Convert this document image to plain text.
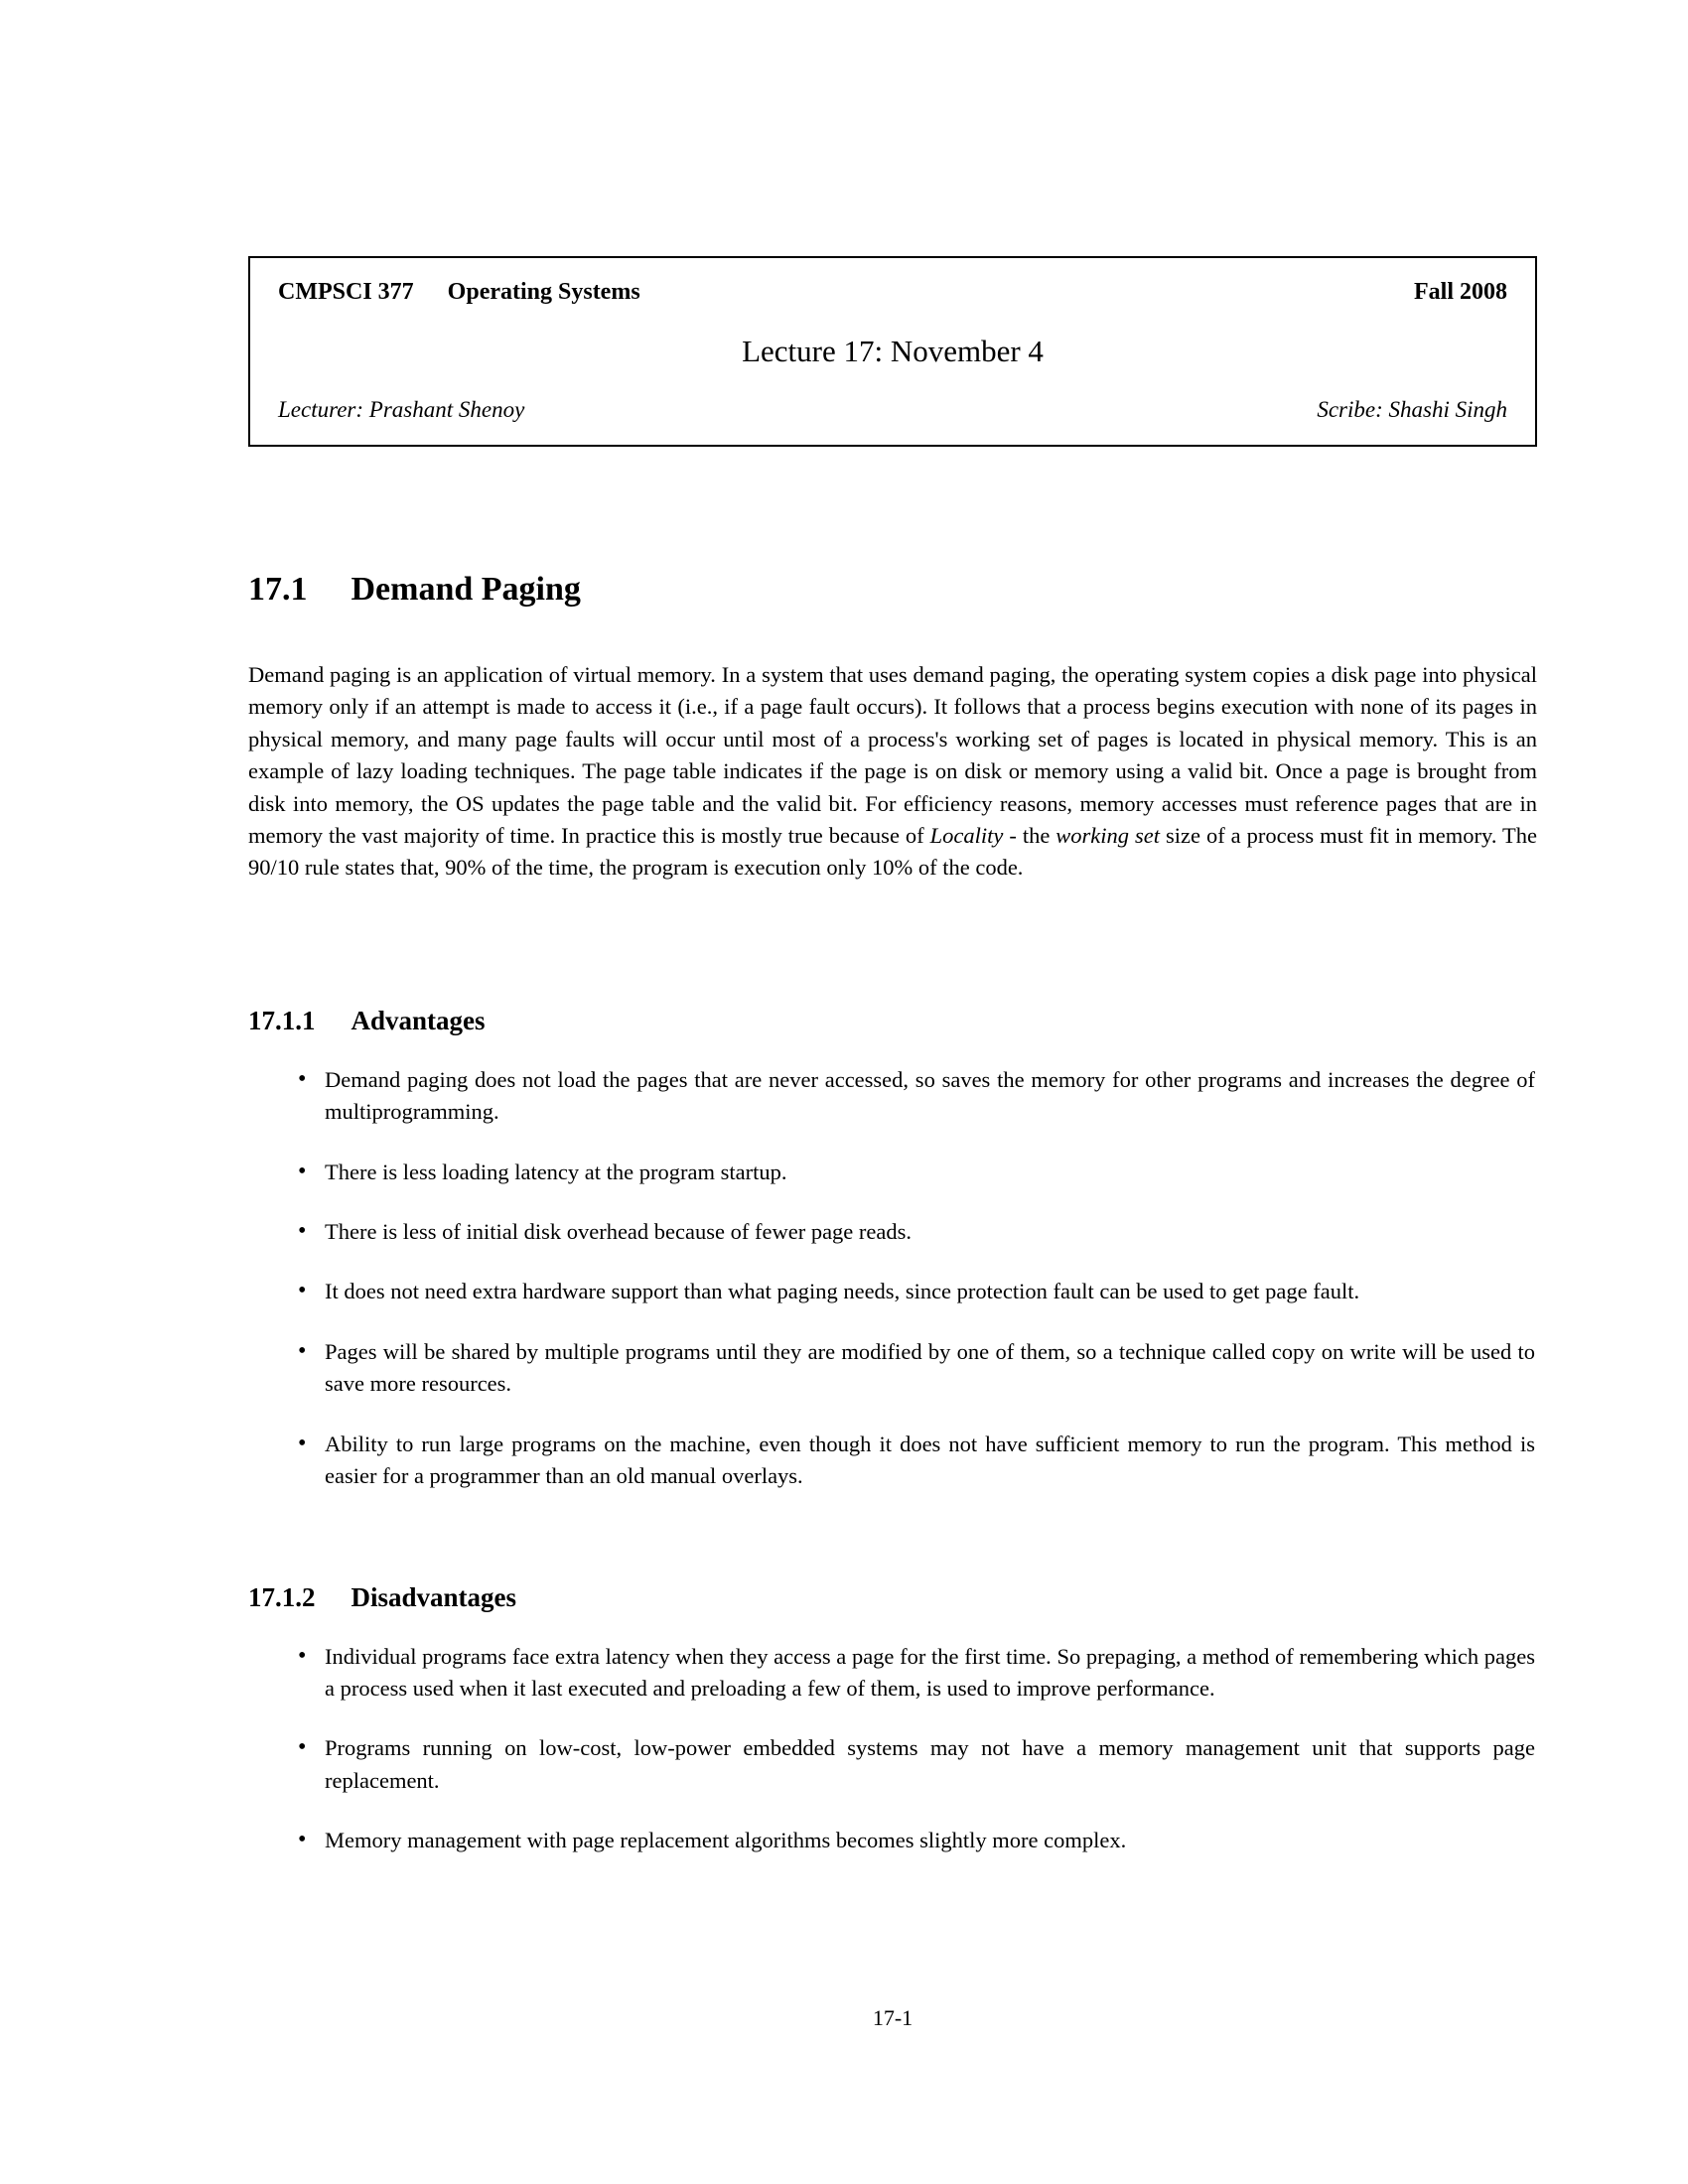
CMPSCI 377 Operating Systems	Fall 2008
Lecture 17: November 4
Lecturer: Prashant Shenoy	Scribe: Shashi Singh
17.1 Demand Paging

Demand paging is an application of virtual memory. In a system that uses demand paging, the operating system copies a disk page into physical memory only if an attempt is made to access it (i.e., if a page fault occurs). It follows that a process begins execution with none of its pages in physical memory, and many page faults will occur until most of a process's working set of pages is located in physical memory. This is an example of lazy loading techniques. The page table indicates if the page is on disk or memory using a valid bit. Once a page is brought from disk into memory, the OS updates the page table and the valid bit. For efficiency reasons, memory accesses must reference pages that are in memory the vast majority of time. In practice this is mostly true because of Locality - the working set size of a process must fit in memory. The 90/10 rule states that, 90% of the time, the program is execution only 10% of the code.

17.1.1 Advantages
• Demand paging does not load the pages that are never accessed, so saves the memory for other programs and increases the degree of multiprogramming.
• There is less loading latency at the program startup.
• There is less of initial disk overhead because of fewer page reads.
• It does not need extra hardware support than what paging needs, since protection fault can be used to get page fault.
• Pages will be shared by multiple programs until they are modified by one of them, so a technique called copy on write will be used to save more resources.
• Ability to run large programs on the machine, even though it does not have sufficient memory to run the program. This method is easier for a programmer than an old manual overlays.
17.1.2 Disadvantages
• Individual programs face extra latency when they access a page for the first time. So prepaging, a method of remembering which pages a process used when it last executed and preloading a few of them, is used to improve performance.
• Programs running on low-cost, low-power embedded systems may not have a memory management unit that supports page replacement.
• Memory management with page replacement algorithms becomes slightly more complex.
17-1
